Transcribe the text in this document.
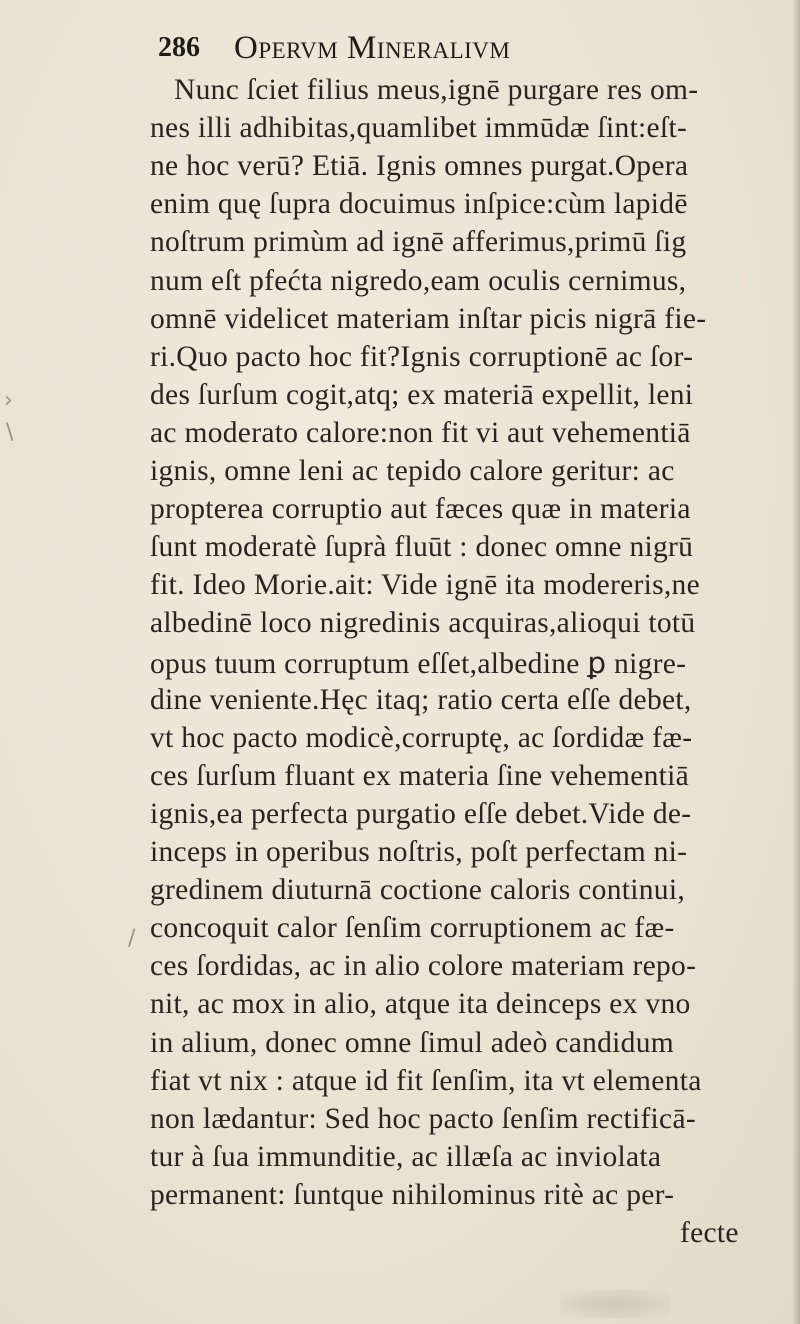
286 Opervm Mineralivm
Nunc ſciet filius meus,ignē purgare res om-
nes illi adhibitas,quamlibet immūdæ ſint:eſt-
ne hoc verū? Etiā. Ignis omnes purgat.Opera
enim quę ſupra docuimus inſpice:cùm lapidē
noſtrum primùm ad ignē afferimus,primū ſig
num eſt pfećta nigredo,eam oculis cernimus,
omnē videlicet materiam inſtar picis nigrā fie-
ri.Quo pacto hoc fit?Ignis corruptionē ac ſor-
des ſurſum cogit,atq; ex materiā expellit, leni
ac moderato calore:non fit vi aut vehementiā
ignis, omne leni ac tepido calore geritur: ac
propterea corruptio aut fæces quæ in materia
ſunt moderatè ſuprà fluūt : donec omne nigrū
fit. Ideo Morie.ait: Vide ignē ita modereris,ne
albedinē loco nigredinis acquiras,alioqui totū
opus tuum corruptum eſſet,albedine ꝑ nigre-
dine veniente.Hęc itaq; ratio certa eſſe debet,
vt hoc pacto modicè,corruptę, ac ſordidæ fæ-
ces ſurſum fluant ex materia ſine vehementiā
ignis,ea perfecta purgatio eſſe debet.Vide de-
inceps in operibus noſtris, poſt perfectam ni-
gredinem diuturnā coctione caloris continui,
concoquit calor ſenſim corruptionem ac fæ-
ces ſordidas, ac in alio colore materiam repo-
nit, ac mox in alio, atque ita deinceps ex vno
in alium, donec omne ſimul adeò candidum
fiat vt nix : atque id fit ſenſim, ita vt elementa
non lædantur: Sed hoc pacto ſenſim rectificā-
tur à ſua immunditie, ac illæſa ac inviolata
permanent: ſuntque nihilominus ritè ac per-
fecte
›
\
/
